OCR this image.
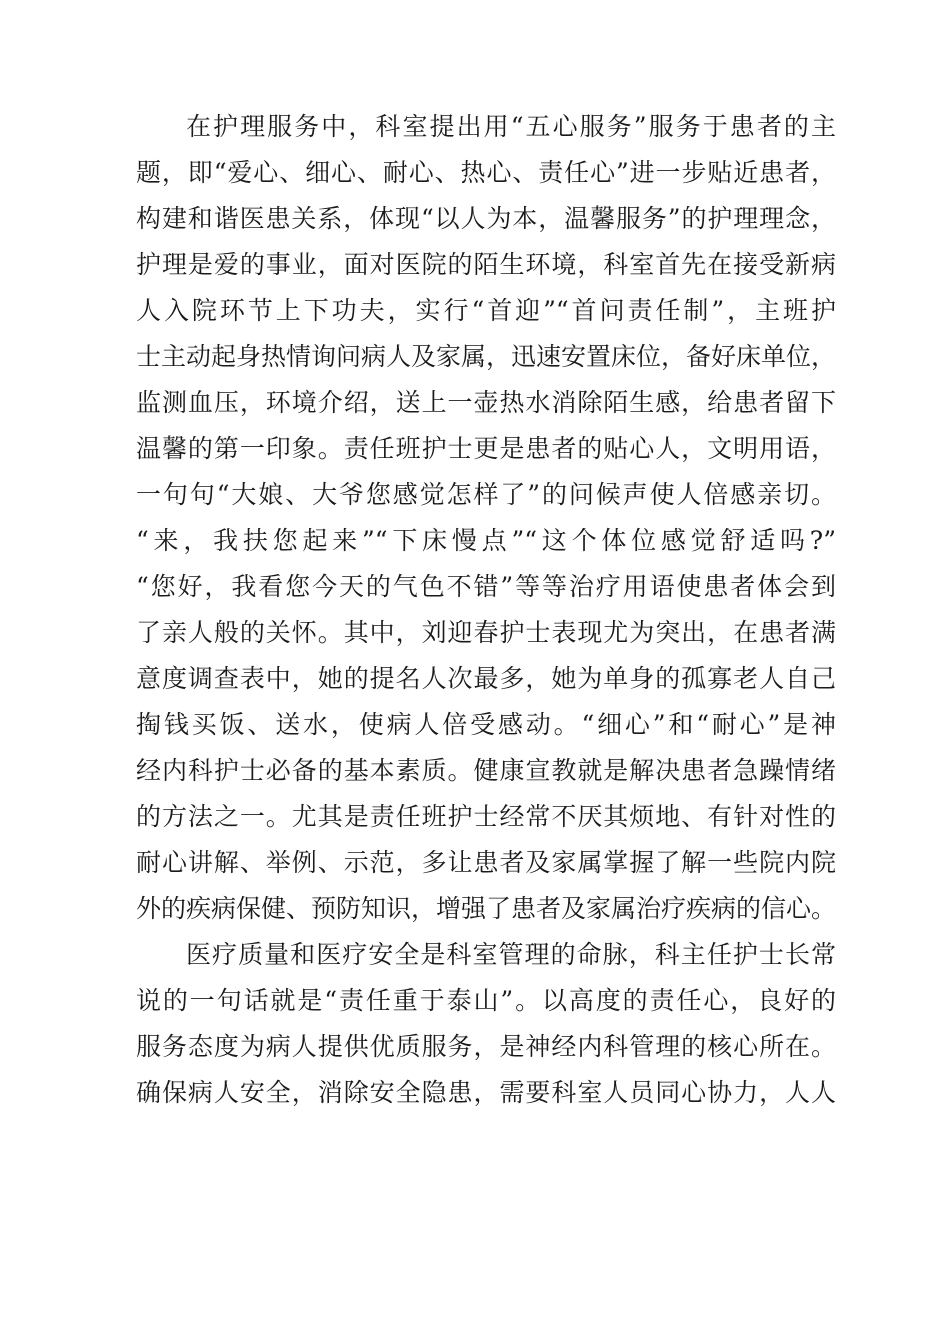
在护理服务中，科室提出用“五心服务”服务于患者的主
题，即“爱心、细心、耐心、热心、责任心”进一步贴近患者，
构建和谐医患关系，体现“以人为本，温馨服务”的护理理念，
护理是爱的事业，面对医院的陌生环境，科室首先在接受新病
人入院环节上下功夫，实行“首迎”“首问责任制”，主班护
士主动起身热情询问病人及家属，迅速安置床位，备好床单位，
监测血压，环境介绍，送上一壶热水消除陌生感，给患者留下
温馨的第一印象。责任班护士更是患者的贴心人，文明用语，
一句句“大娘、大爷您感觉怎样了”的问候声使人倍感亲切。
“来，我扶您起来”“下床慢点”“这个体位感觉舒适吗?”
“您好，我看您今天的气色不错”等等治疗用语使患者体会到
了亲人般的关怀。其中，刘迎春护士表现尤为突出，在患者满
意度调查表中，她的提名人次最多，她为单身的孤寡老人自己
掏钱买饭、送水，使病人倍受感动。“细心”和“耐心”是神
经内科护士必备的基本素质。健康宣教就是解决患者急躁情绪
的方法之一。尤其是责任班护士经常不厌其烦地、有针对性的
耐心讲解、举例、示范，多让患者及家属掌握了解一些院内院
外的疾病保健、预防知识，增强了患者及家属治疗疾病的信心。
医疗质量和医疗安全是科室管理的命脉，科主任护士长常
说的一句话就是“责任重于泰山”。以高度的责任心，良好的
服务态度为病人提供优质服务，是神经内科管理的核心所在。
确保病人安全，消除安全隐患，需要科室人员同心协力，人人
